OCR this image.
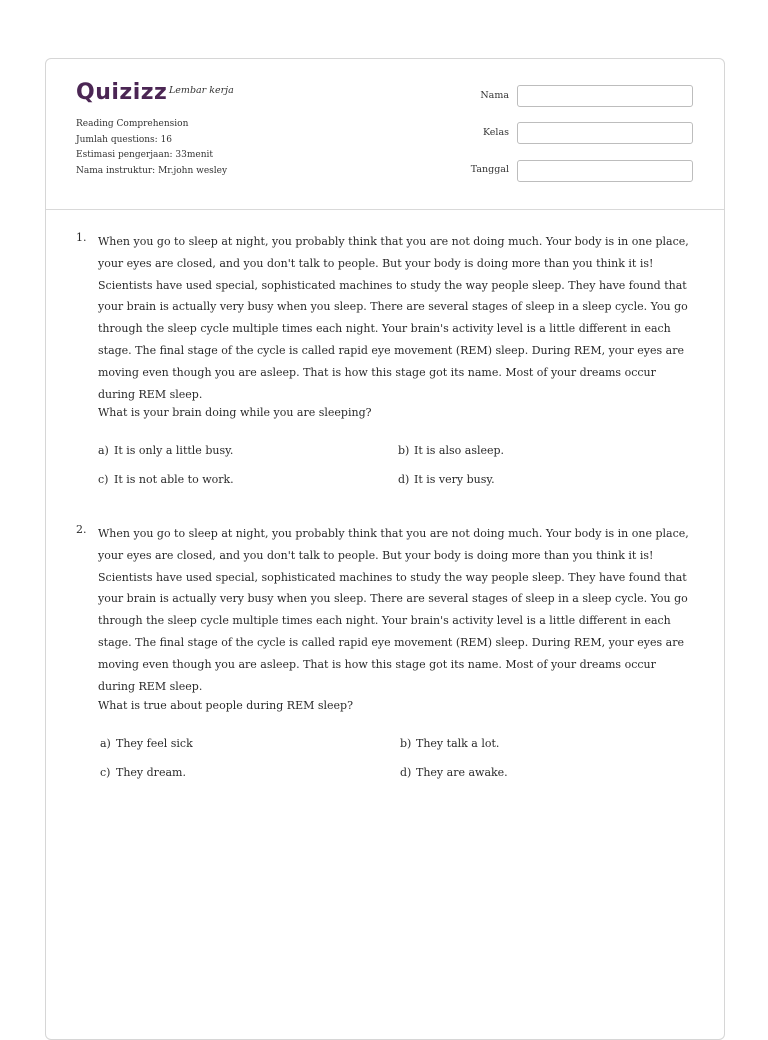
Quizizz Lembar kerja
Reading Comprehension
Jumlah questions: 16
Estimasi pengerjaan: 33menit
Nama instruktur: Mr.john wesley
Nama
Kelas
Tanggal
1. When you go to sleep at night, you probably think that you are not doing much. Your body is in one place, your eyes are closed, and you don't talk to people. But your body is doing more than you think it is! Scientists have used special, sophisticated machines to study the way people sleep. They have found that your brain is actually very busy when you sleep. There are several stages of sleep in a sleep cycle. You go through the sleep cycle multiple times each night. Your brain's activity level is a little different in each stage. The final stage of the cycle is called rapid eye movement (REM) sleep. During REM, your eyes are moving even though you are asleep. That is how this stage got its name. Most of your dreams occur during REM sleep.
What is your brain doing while you are sleeping?
a) It is only a little busy.	b) It is also asleep.
c) It is not able to work.	d) It is very busy.
2. When you go to sleep at night, you probably think that you are not doing much. Your body is in one place, your eyes are closed, and you don't talk to people. But your body is doing more than you think it is! Scientists have used special, sophisticated machines to study the way people sleep. They have found that your brain is actually very busy when you sleep. There are several stages of sleep in a sleep cycle. You go through the sleep cycle multiple times each night. Your brain's activity level is a little different in each stage. The final stage of the cycle is called rapid eye movement (REM) sleep. During REM, your eyes are moving even though you are asleep. That is how this stage got its name. Most of your dreams occur during REM sleep.
What is true about people during REM sleep?
a) They feel sick	b) They talk a lot.
c) They dream.	d) They are awake.
